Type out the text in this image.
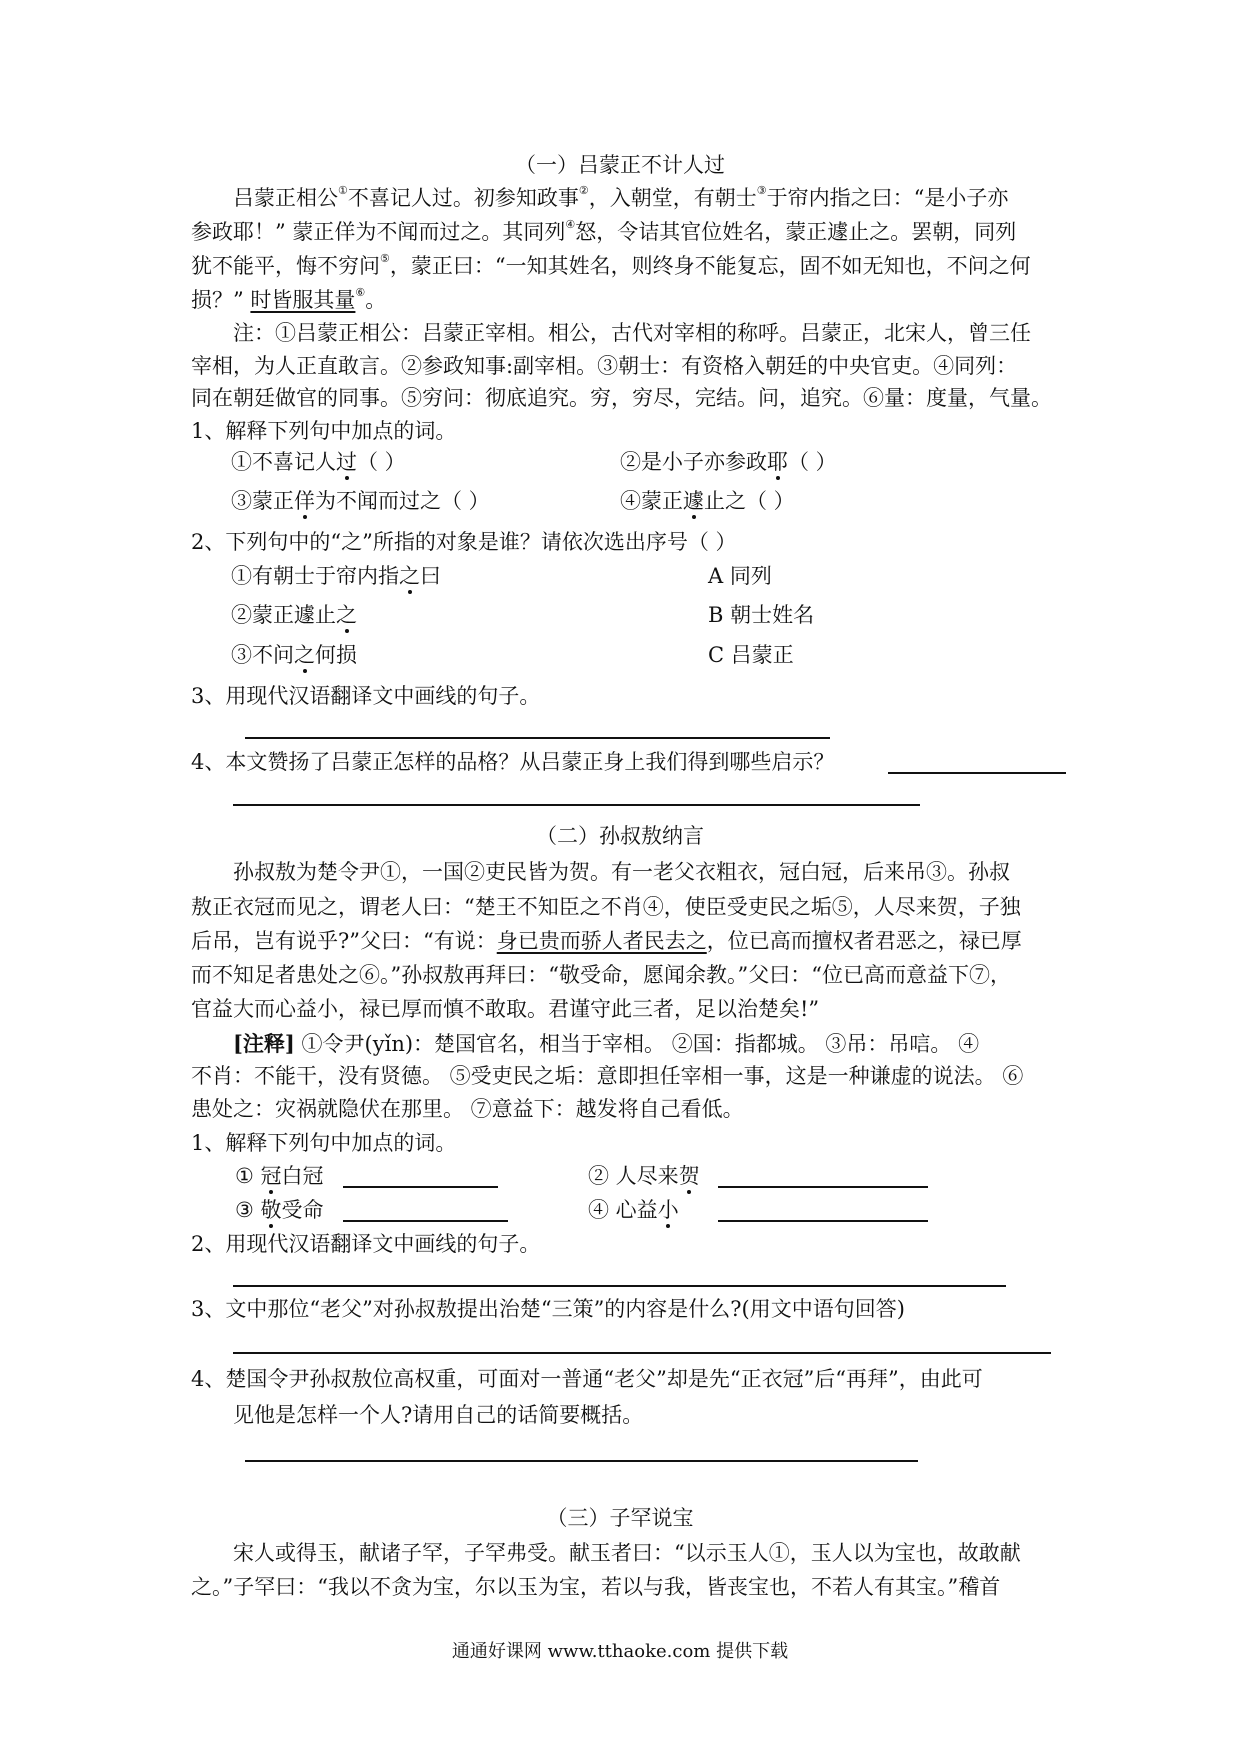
（一）吕蒙正不计人过
吕蒙正相公①不喜记人过。初参知政事②，入朝堂，有朝士③于帘内指之曰：“是小子亦
参政耶！” 蒙正佯为不闻而过之。其同列④怒，令诘其官位姓名，蒙正遽止之。罢朝，同列
犹不能平，悔不穷问⑤，蒙正曰：“一知其姓名，则终身不能复忘，固不如无知也，不问之何
损？” 时皆服其量⑥。
注：①吕蒙正相公：吕蒙正宰相。相公，古代对宰相的称呼。吕蒙正，北宋人，曾三任
宰相，为人正直敢言。②参政知事:副宰相。③朝士：有资格入朝廷的中央官吏。④同列：
同在朝廷做官的同事。⑤穷问：彻底追究。穷，穷尽，完结。问，追究。⑥量：度量，气量。
1、解释下列句中加点的词。
①不喜记人过（ ）	②是小子亦参政耶（ ）
③蒙正佯为不闻而过之（ ）	④蒙正遽止之（ ）
2、下列句中的“之”所指的对象是谁？请依次选出序号（ ）
①有朝士于帘内指之曰	A 同列
②蒙正遽止之	B 朝士姓名
③不问之何损	C 吕蒙正
3、用现代汉语翻译文中画线的句子。
4、本文赞扬了吕蒙正怎样的品格？从吕蒙正身上我们得到哪些启示？
（二）孙叔敖纳言
孙叔敖为楚令尹①，一国②吏民皆为贺。有一老父衣粗衣，冠白冠，后来吊③。孙叔
敖正衣冠而见之，谓老人曰：“楚王不知臣之不肖④，使臣受吏民之垢⑤，人尽来贺，子独
后吊，岂有说乎?”父曰：“有说：身已贵而骄人者民去之，位已高而擅权者君恶之，禄已厚
而不知足者患处之⑥。”孙叔敖再拜曰：“敬受命，愿闻余教。”父曰：“位已高而意益下⑦，
官益大而心益小，禄已厚而慎不敢取。君谨守此三者，足以治楚矣!”
[注释] ①令尹(yǐn)：楚国官名，相当于宰相。 ②国：指都城。 ③吊：吊唁。 ④
不肖：不能干，没有贤德。 ⑤受吏民之垢：意即担任宰相一事，这是一种谦虚的说法。 ⑥
患处之：灾祸就隐伏在那里。 ⑦意益下：越发将自己看低。
1、解释下列句中加点的词。
① 冠白冠	② 人尽来贺
③ 敬受命	④ 心益小
2、用现代汉语翻译文中画线的句子。
3、文中那位“老父”对孙叔敖提出治楚“三策”的内容是什么?(用文中语句回答)
4、楚国令尹孙叔敖位高权重，可面对一普通“老父”却是先“正衣冠”后“再拜”，由此可
见他是怎样一个人?请用自己的话简要概括。
（三）子罕说宝
宋人或得玉，献诸子罕，子罕弗受。献玉者曰：“以示玉人①，玉人以为宝也，故敢献
之。”子罕曰：“我以不贪为宝，尔以玉为宝，若以与我，皆丧宝也，不若人有其宝。”稽首
通通好课网 www.tthaoke.com 提供下载
